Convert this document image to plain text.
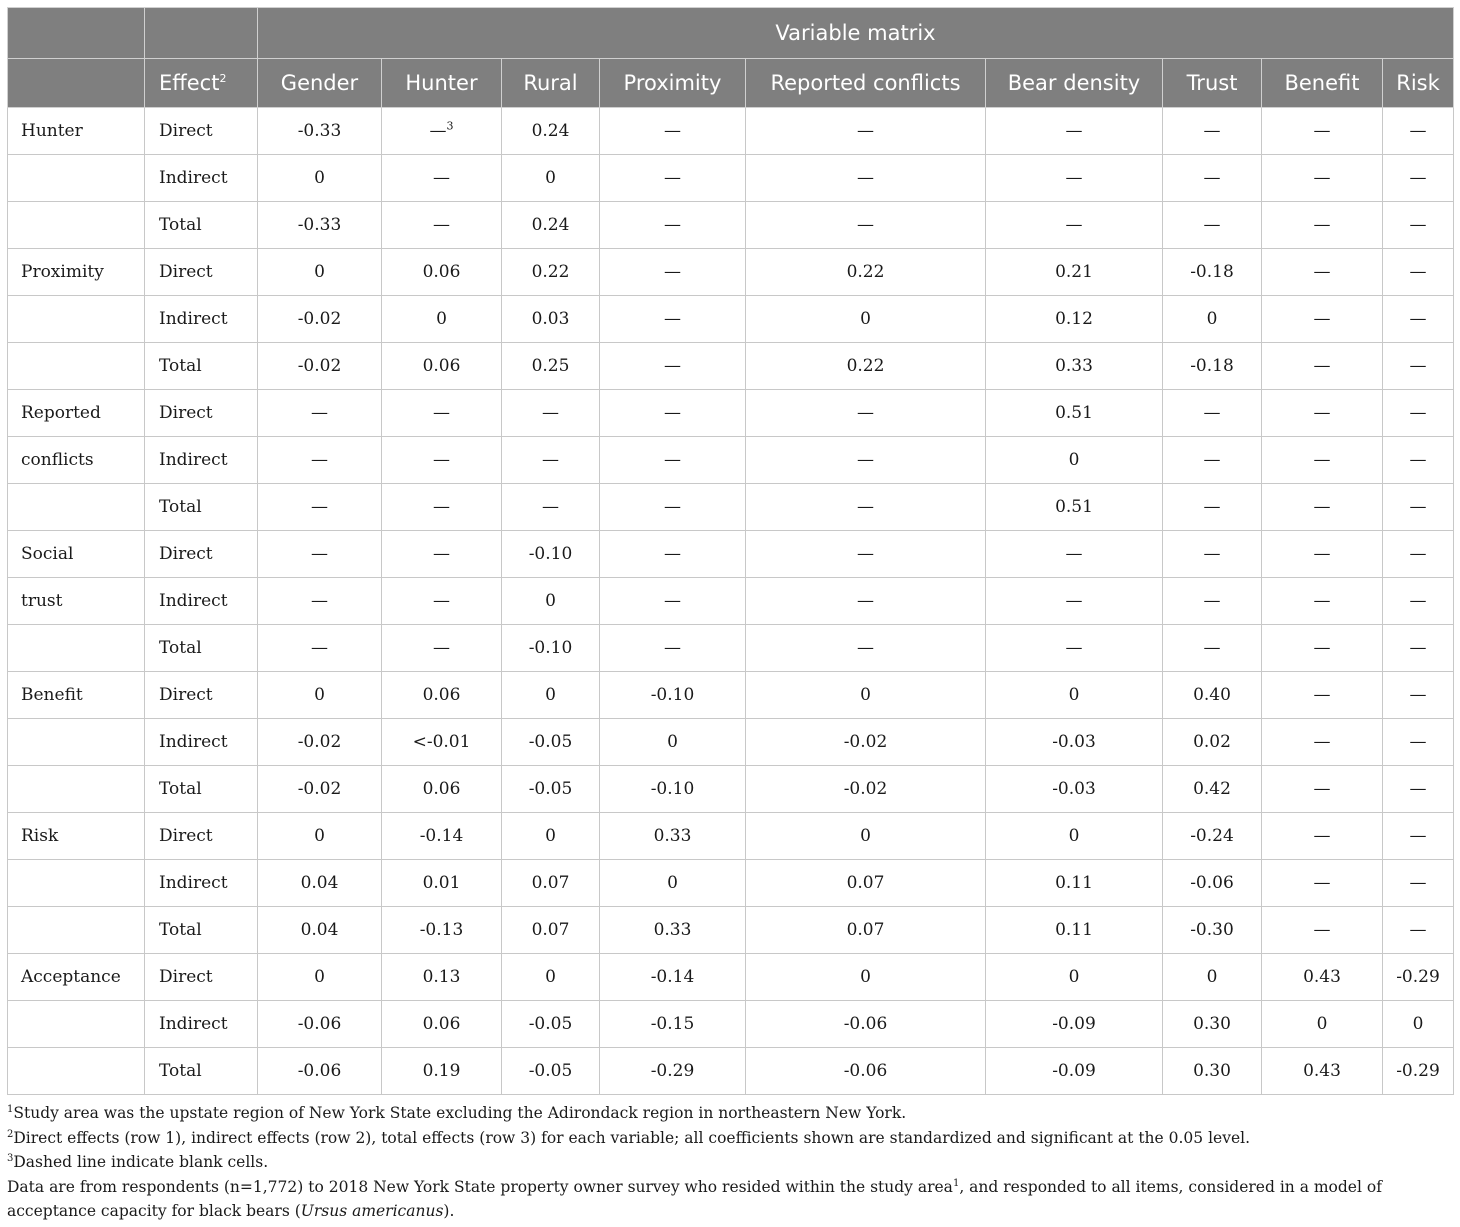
		Variable matrix								
	Effect$^2$	Gender	Hunter	Rural	Proximity	Reported conflicts	Bear density	Trust	Benefit	Risk
Hunter	Direct	-0.33	—$^3$	0.24	—	—	—	—	—	—
	Indirect	0	—	0	—	—	—	—	—	—
	Total	-0.33	—	0.24	—	—	—	—	—	—
Proximity	Direct	0	0.06	0.22	—	0.22	0.21	-0.18	—	—
	Indirect	-0.02	0	0.03	—	0	0.12	0	—	—
	Total	-0.02	0.06	0.25	—	0.22	0.33	-0.18	—	—
Reported	Direct	—	—	—	—	—	0.51	—	—	—
conflicts	Indirect	—	—	—	—	—	0	—	—	—
	Total	—	—	—	—	—	0.51	—	—	—
Social	Direct	—	—	-0.10	—	—	—	—	—	—
trust	Indirect	—	—	0	—	—	—	—	—	—
	Total	—	—	-0.10	—	—	—	—	—	—
Benefit	Direct	0	0.06	0	-0.10	0	0	0.40	—	—
	Indirect	-0.02	<-0.01	-0.05	0	-0.02	-0.03	0.02	—	—
	Total	-0.02	0.06	-0.05	-0.10	-0.02	-0.03	0.42	—	—
Risk	Direct	0	-0.14	0	0.33	0	0	-0.24	—	—
	Indirect	0.04	0.01	0.07	0	0.07	0.11	-0.06	—	—
	Total	0.04	-0.13	0.07	0.33	0.07	0.11	-0.30	—	—
Acceptance	Direct	0	0.13	0	-0.14	0	0	0	0.43	-0.29
	Indirect	-0.06	0.06	-0.05	-0.15	-0.06	-0.09	0.30	0	0
	Total	-0.06	0.19	-0.05	-0.29	-0.06	-0.09	0.30	0.43	-0.29

$^1$Study area was the upstate region of New York State excluding the Adirondack region in northeastern New York.

$^2$Direct effects (row 1), indirect effects (row 2), total effects (row 3) for each variable; all coefficients shown are standardized and significant at the 0.05 level.

$^3$Dashed line indicate blank cells.

Data are from respondents (n=1,772) to 2018 New York State property owner survey who resided within the study area$^1$, and responded to all items, considered in a model of acceptance capacity for black bears (Ursus americanus).
